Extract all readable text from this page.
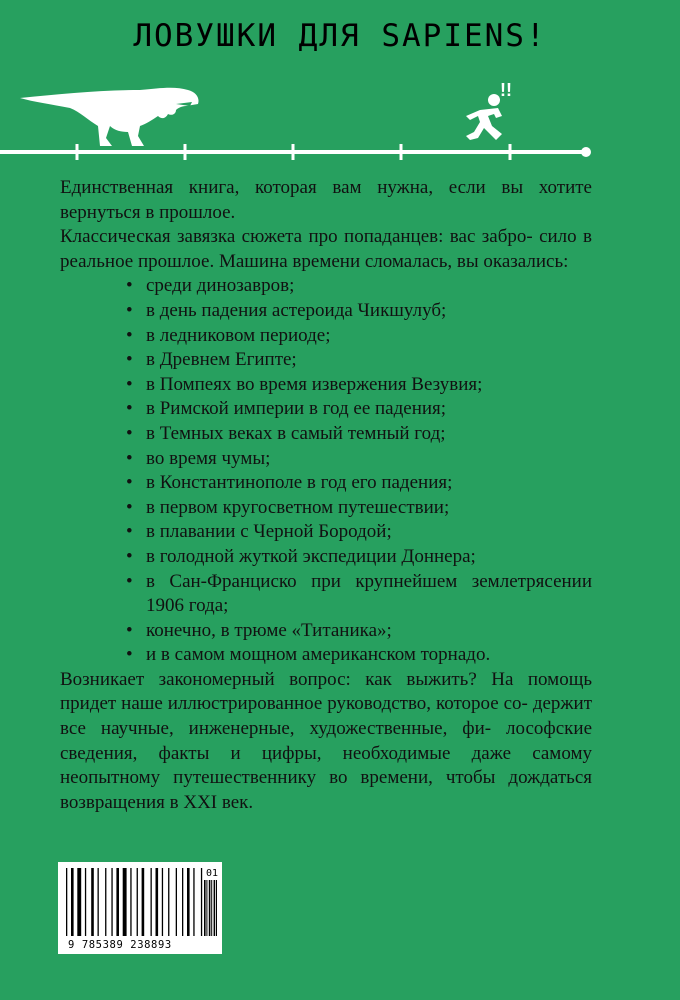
ЛОВУШКИ ДЛЯ SAPIENS!
!!

Единственная книга, которая вам нужна, если вы хотите вернуться в прошлое.

Классическая завязка сюжета про попаданцев: вас забро- сило в реальное прошлое. Машина времени сломалась, вы оказались:

• среди динозавров;
• в день падения астероида Чикшулуб;
• в ледниковом периоде;
• в Древнем Египте;
• в Помпеях во время извержения Везувия;
• в Римской империи в год ее падения;
• в Темных веках в самый темный год;
• во время чумы;
• в Константинополе в год его падения;
• в первом кругосветном путешествии;
• в плавании с Черной Бородой;
• в голодной жуткой экспедиции Доннера;
• в Сан-Франциско при крупнейшем землетрясении 1906 года;
• конечно, в трюме «Титаника»;
• и в самом мощном американском торнадо.

Возникает закономерный вопрос: как выжить? На помощь придет наше иллюстрированное руководство, которое со- держит все научные, инженерные, художественные, фи- лософские сведения, факты и цифры, необходимые даже самому неопытному путешественнику во времени, чтобы дождаться возвращения в XXI век.

01
9 785389 238893
